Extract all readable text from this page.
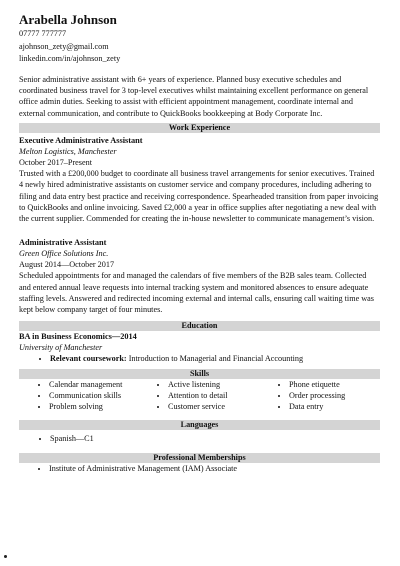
Arabella Johnson
07777 777777
ajohnson_zety@gmail.com
linkedin.com/in/ajohnson_zety
Senior administrative assistant with 6+ years of experience. Planned busy executive schedules and coordinated business travel for 3 top-level executives whilst maintaining excellent performance on general office admin duties. Seeking to assist with efficient appointment management, coordinate internal and external communication, and contribute to QuickBooks bookkeeping at Body Corporate Inc.
Work Experience
Executive Administrative Assistant
Melton Logistics, Manchester
October 2017–Present
Trusted with a £200,000 budget to coordinate all business travel arrangements for senior executives. Trained 4 newly hired administrative assistants on customer service and company procedures, including adhering to filing and data entry best practice and receiving correspondence. Spearheaded transition from paper invoicing to QuickBooks and online invoicing. Saved £2,000 a year in office supplies after negotiating a new deal with the current supplier. Commended for creating the in-house newsletter to communicate management’s vision.
Administrative Assistant
Green Office Solutions Inc.
August 2014—October 2017
Scheduled appointments for and managed the calendars of five members of the B2B sales team. Collected and entered annual leave requests into internal tracking system and monitored absences to ensure adequate staffing levels. Answered and redirected incoming external and internal calls, ensuring call waiting time was kept below company target of four minutes.
Education
BA in Business Economics—2014
University of Manchester
• Relevant coursework: Introduction to Managerial and Financial Accounting
Skills
• Calendar management
• Communication skills
• Problem solving
• Active listening
• Attention to detail
• Customer service
• Phone etiquette
• Order processing
• Data entry
Languages
• Spanish—C1
Professional Memberships
• Institute of Administrative Management (IAM) Associate
